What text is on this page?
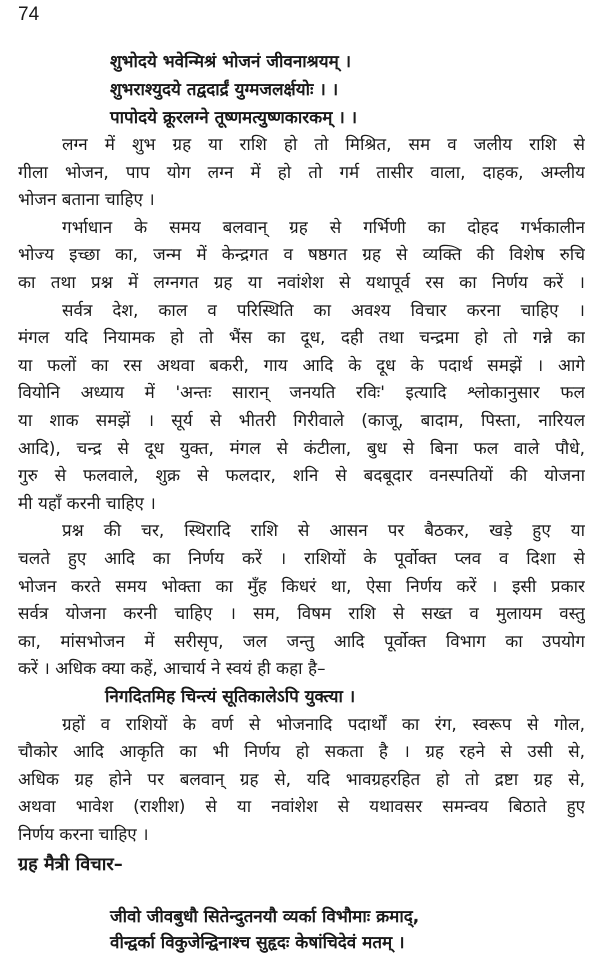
74
शुभोदये भवेन्मिश्रं भोजनं जीवनाश्रयम् ।
शुभराश्युदये तद्वदार्द्रं युग्मजलर्क्षयोः । ।
पापोदये क्रूरलग्ने तूष्णमत्युष्णकारकम् । ।
लग्न में शुभ ग्रह या राशि हो तो मिश्रित, सम व जलीय राशि से
गीला भोजन, पाप योग लग्न में हो तो गर्म तासीर वाला, दाहक, अम्लीय
भोजन बताना चाहिए ।
गर्भाधान के समय बलवान् ग्रह से गर्भिणी का दोहद गर्भकालीन
भोज्य इच्छा का, जन्म में केन्द्रगत व षष्ठगत ग्रह से व्यक्ति की विशेष रुचि
का तथा प्रश्न में लग्नगत ग्रह या नवांशेश से यथापूर्व रस का निर्णय करें ।
सर्वत्र देश, काल व परिस्थिति का अवश्य विचार करना चाहिए ।
मंगल यदि नियामक हो तो भैंस का दूध, दही तथा चन्द्रमा हो तो गन्ने का
या फलों का रस अथवा बकरी, गाय आदि के दूध के पदार्थ समझें । आगे
वियोनि अध्याय में 'अन्तः सारान् जनयति रविः' इत्यादि श्लोकानुसार फल
या शाक समझें । सूर्य से भीतरी गिरीवाले (काजू, बादाम, पिस्ता, नारियल
आदि), चन्द्र से दूध युक्त, मंगल से कंटीला, बुध से बिना फल वाले पौधे,
गुरु से फलवाले, शुक्र से फलदार, शनि से बदबूदार वनस्पतियों की योजना
मी यहाँ करनी चाहिए ।
प्रश्न की चर, स्थिरादि राशि से आसन पर बैठकर, खड़े हुए या
चलते हुए आदि का निर्णय करें । राशियों के पूर्वोक्त प्लव व दिशा से
भोजन करते समय भोक्ता का मुँह किधरं था, ऐसा निर्णय करें । इसी प्रकार
सर्वत्र योजना करनी चाहिए । सम, विषम राशि से सख्त व मुलायम वस्तु
का, मांसभोजन में सरीसृप, जल जन्तु आदि पूर्वोक्त विभाग का उपयोग
करें । अधिक क्या कहें, आचार्य ने स्वयं ही कहा है–
निगदितमिह चिन्त्यं सूतिकालेऽपि युक्त्या ।
ग्रहों व राशियों के वर्ण से भोजनादि पदार्थों का रंग, स्वरूप से गोल,
चौकोर आदि आकृति का भी निर्णय हो सकता है । ग्रह रहने से उसी से,
अधिक ग्रह होने पर बलवान् ग्रह से, यदि भावग्रहरहित हो तो द्रष्टा ग्रह से,
अथवा भावेश (राशीश) से या नवांशेश से यथावसर समन्वय बिठाते हुए
निर्णय करना चाहिए ।
ग्रह मैत्री विचार–
जीवो जीवबुधौ सितेन्दुतनयौ व्यर्का विभौमाः क्रमाद्,
वीन्द्वर्का विकुजेन्द्विनाश्च सुहृदः केषांचिदेवं मतम् ।
